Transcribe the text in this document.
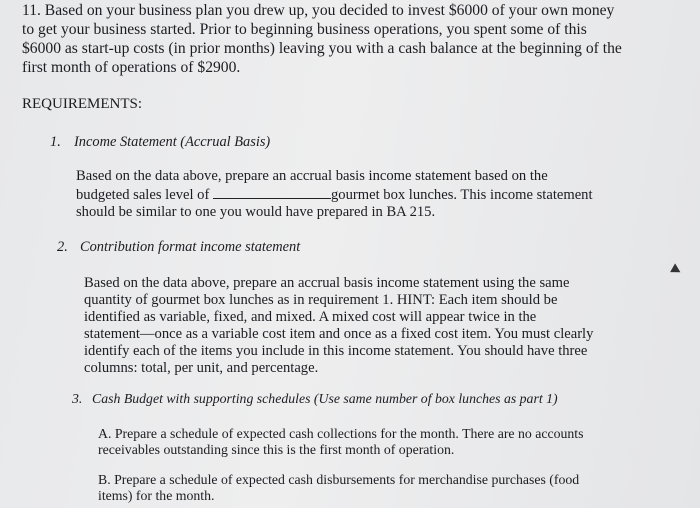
11. Based on your business plan you drew up, you decided to invest $6000 of your own money
to get your business started. Prior to beginning business operations, you spent some of this
$6000 as start-up costs (in prior months) leaving you with a cash balance at the beginning of the
first month of operations of $2900.
REQUIREMENTS:
1. Income Statement (Accrual Basis)
Based on the data above, prepare an accrual basis income statement based on the
budgeted sales level of	gourmet box lunches. This income statement
should be similar to one you would have prepared in BA 215.
2. Contribution format income statement
Based on the data above, prepare an accrual basis income statement using the same
quantity of gourmet box lunches as in requirement 1. HINT: Each item should be
identified as variable, fixed, and mixed. A mixed cost will appear twice in the
statement—once as a variable cost item and once as a fixed cost item. You must clearly
identify each of the items you include in this income statement. You should have three
columns: total, per unit, and percentage.
3. Cash Budget with supporting schedules (Use same number of box lunches as part 1)
A. Prepare a schedule of expected cash collections for the month. There are no accounts
receivables outstanding since this is the first month of operation.
B. Prepare a schedule of expected cash disbursements for merchandise purchases (food
items) for the month.
